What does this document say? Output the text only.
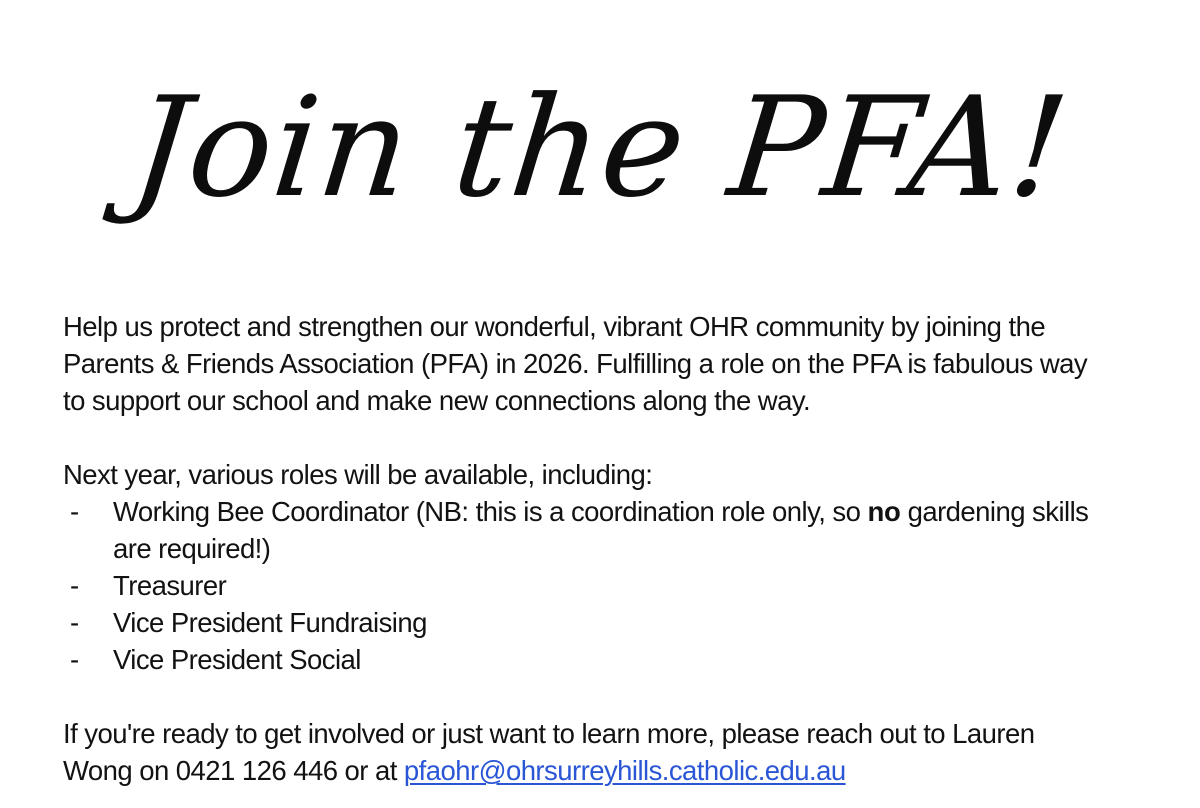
Join the PFA!
Help us protect and strengthen our wonderful, vibrant OHR community by joining the
Parents & Friends Association (PFA) in 2026. Fulfilling a role on the PFA is fabulous way
to support our school and make new connections along the way.
Next year, various roles will be available, including:
-	Working Bee Coordinator (NB: this is a coordination role only, so no gardening skills
are required!)
-	Treasurer
-	Vice President Fundraising
-	Vice President Social
If you're ready to get involved or just want to learn more, please reach out to Lauren
Wong on 0421 126 446 or at pfaohr@ohrsurreyhills.catholic.edu.au
